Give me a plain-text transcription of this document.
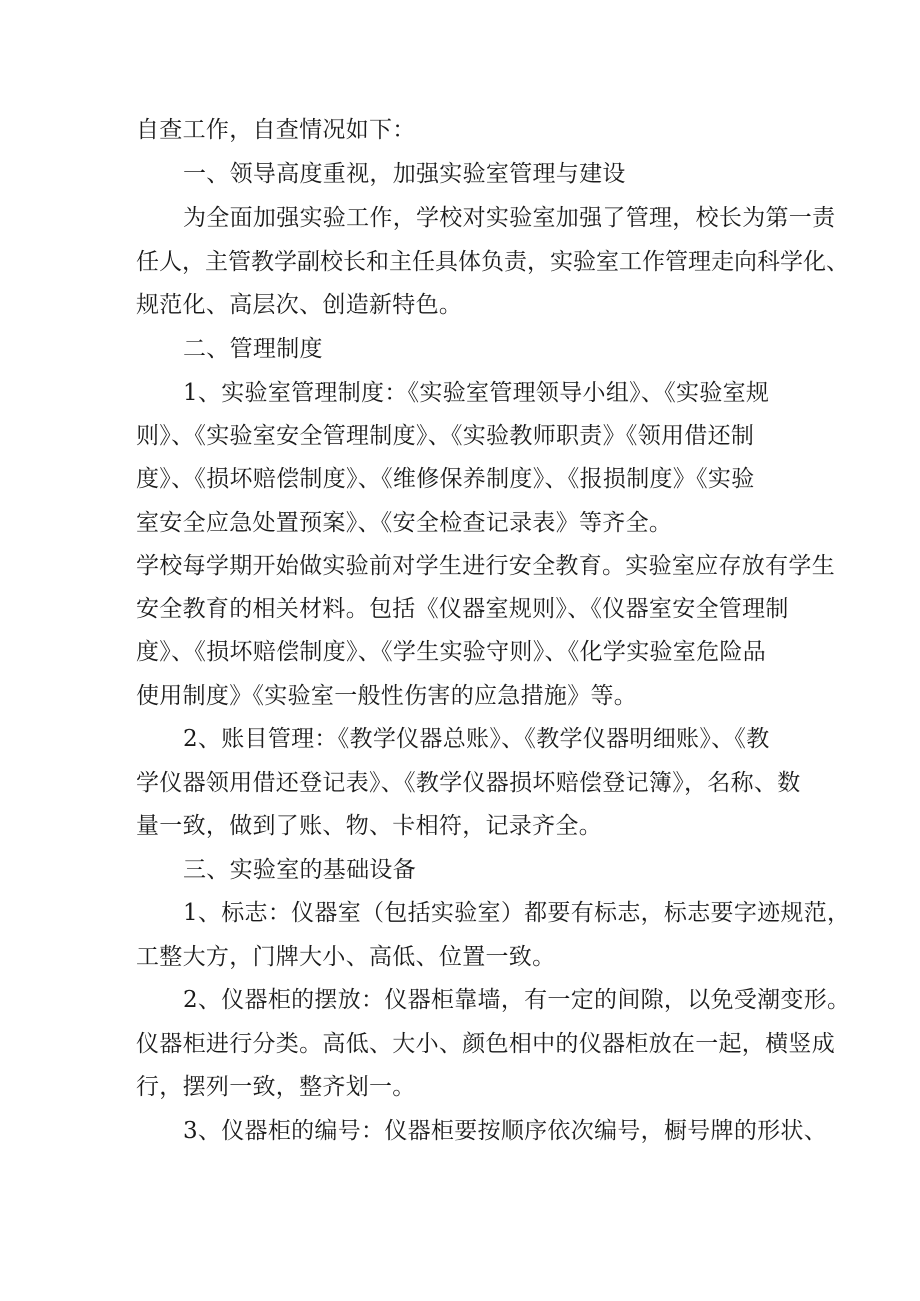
自查工作，自查情况如下：
一、领导高度重视，加强实验室管理与建设
为全面加强实验工作，学校对实验室加强了管理，校长为第一责
任人，主管教学副校长和主任具体负责，实验室工作管理走向科学化、
规范化、高层次、创造新特色。
二、管理制度
1、实验室管理制度：《实验室管理领导小组》、《实验室规
则》、《实验室安全管理制度》、《实验教师职责》《领用借还制
度》、《损坏赔偿制度》、《维修保养制度》、《报损制度》《实验
室安全应急处置预案》、《安全检查记录表》等齐全。
学校每学期开始做实验前对学生进行安全教育。实验室应存放有学生
安全教育的相关材料。包括《仪器室规则》、《仪器室安全管理制
度》、《损坏赔偿制度》、《学生实验守则》、《化学实验室危险品
使用制度》《实验室一般性伤害的应急措施》等。
2、账目管理：《教学仪器总账》、《教学仪器明细账》、《教
学仪器领用借还登记表》、《教学仪器损坏赔偿登记簿》，名称、数
量一致，做到了账、物、卡相符，记录齐全。
三、实验室的基础设备
1、标志：仪器室（包括实验室）都要有标志，标志要字迹规范，
工整大方，门牌大小、高低、位置一致。
2、仪器柜的摆放：仪器柜靠墙，有一定的间隙，以免受潮变形。
仪器柜进行分类。高低、大小、颜色相中的仪器柜放在一起，横竖成
行，摆列一致，整齐划一。
3、仪器柜的编号：仪器柜要按顺序依次编号，橱号牌的形状、
